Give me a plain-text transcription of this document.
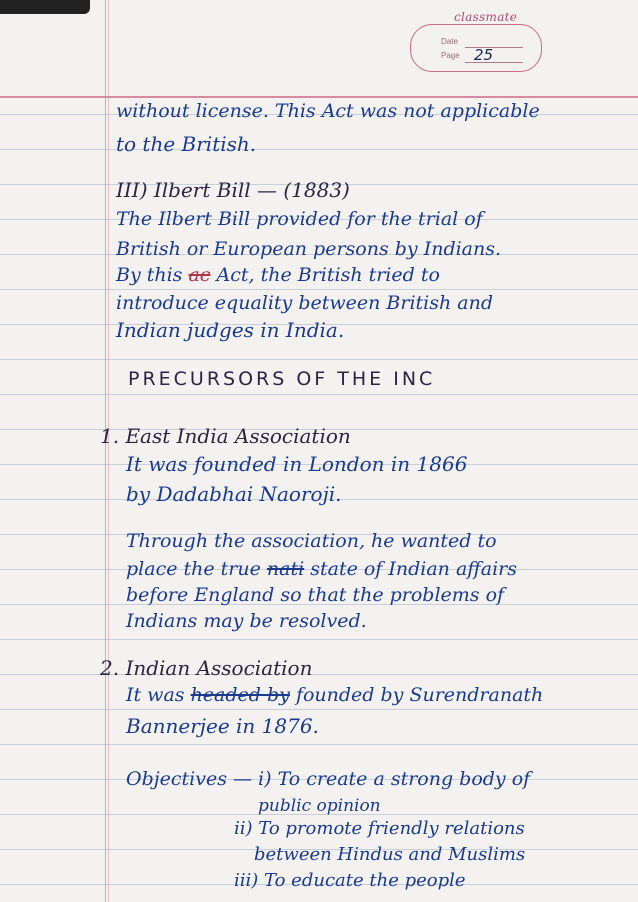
classmate
Date
Page 25
without license. This Act was not applicable
to the British.
III) Ilbert Bill — (1883)
The Ilbert Bill provided for the trial of
British or European persons by Indians.
By this ac Act, the British tried to
introduce equality between British and
Indian judges in India.
PRECURSORS OF THE INC
1. East India Association
It was founded in London in 1866
by Dadabhai Naoroji.
Through the association, he wanted to
place the true nati state of Indian affairs
before England so that the problems of
Indians may be resolved.
2. Indian Association
It was headed by founded by Surendranath
Bannerjee in 1876.
Objectives — i) To create a strong body of
public opinion
ii) To promote friendly relations
between Hindus and Muslims
iii) To educate the people
